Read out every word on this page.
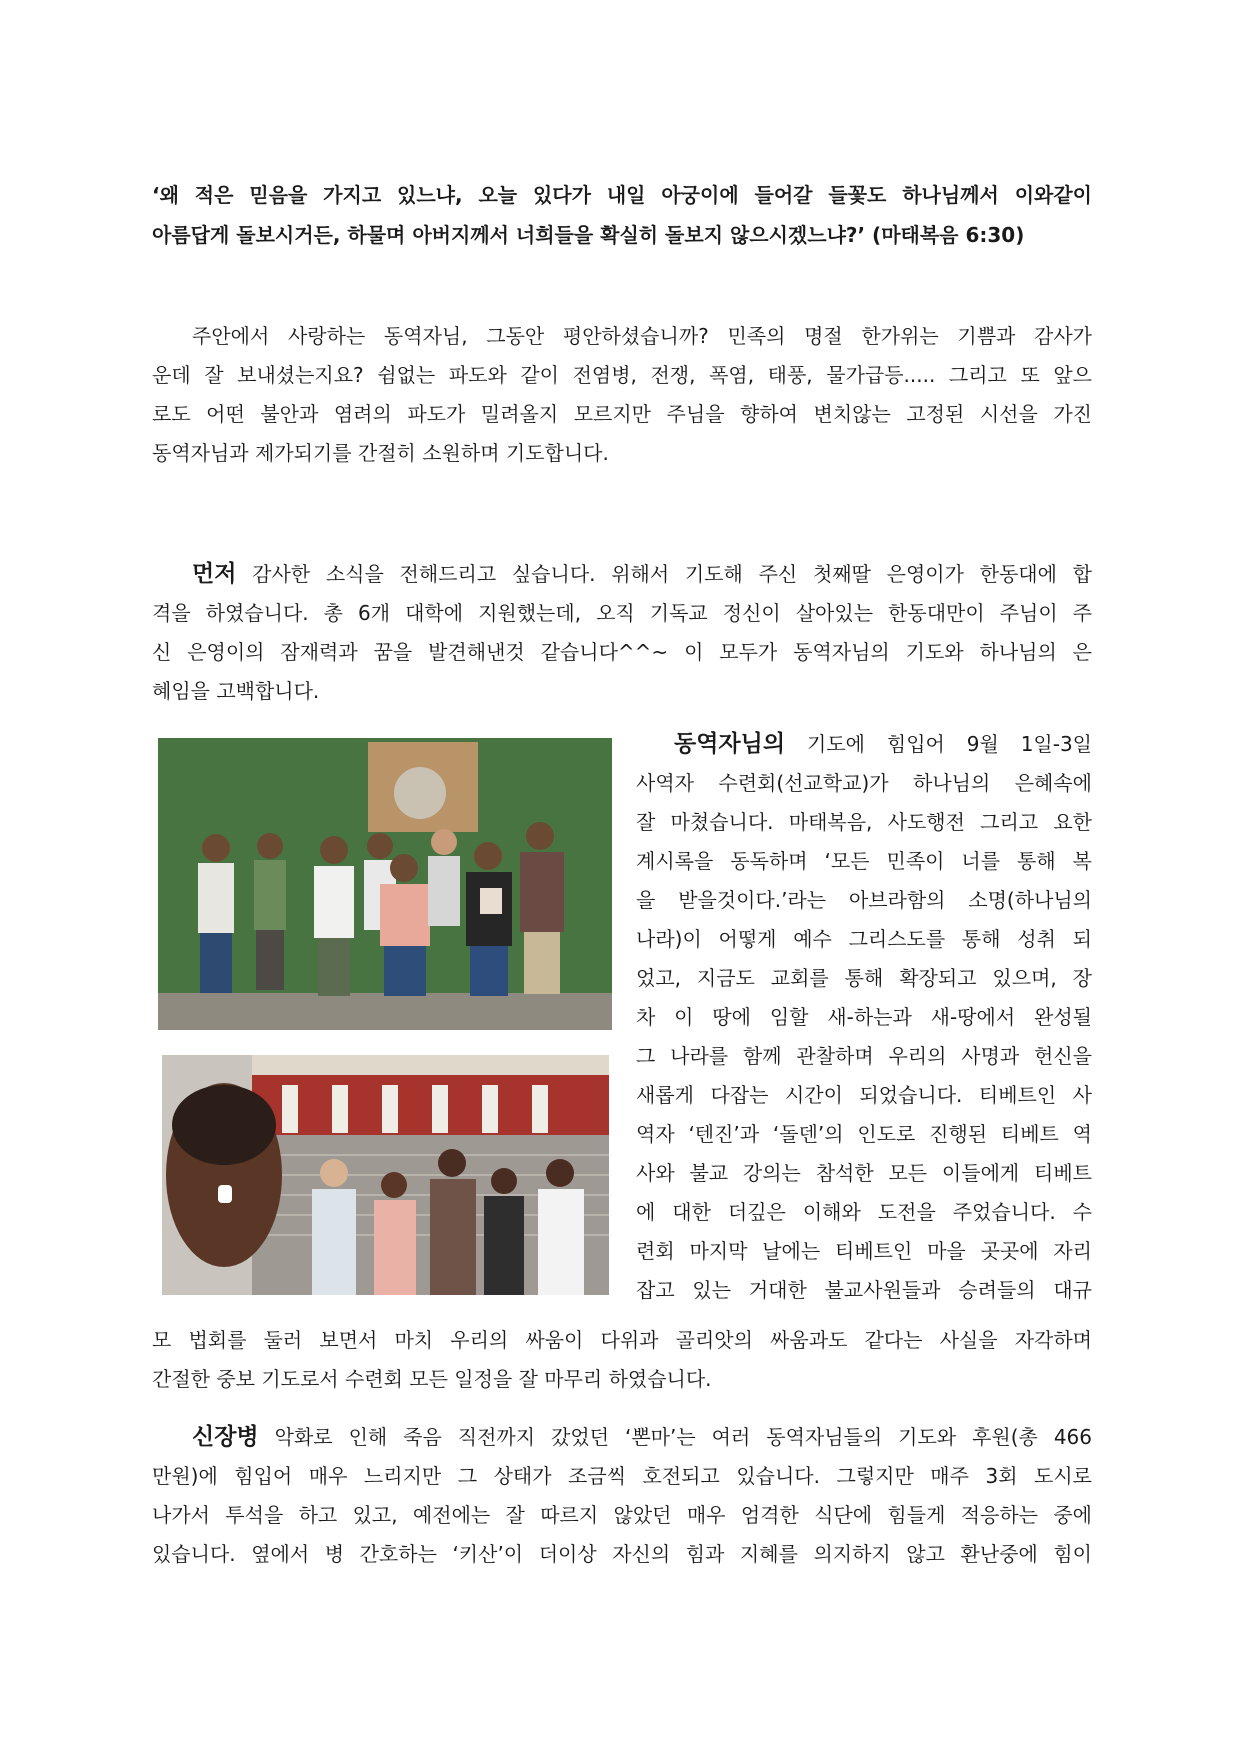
‘왜 적은 믿음을 가지고 있느냐, 오늘 있다가 내일 아궁이에 들어갈 들꽃도 하나님께서 이와같이
아름답게 돌보시거든, 하물며 아버지께서 너희들을 확실히 돌보지 않으시겠느냐?’ (마태복음 6:30)

주안에서 사랑하는 동역자님, 그동안 평안하셨습니까? 민족의 명절 한가위는 기쁨과 감사가
운데 잘 보내셨는지요? 쉼없는 파도와 같이 전염병, 전쟁, 폭염, 태풍, 물가급등..... 그리고 또 앞으
로도 어떤 불안과 염려의 파도가 밀려올지 모르지만 주님을 향하여 변치않는 고정된 시선을 가진
동역자님과 제가되기를 간절히 소원하며 기도합니다.
먼저 감사한 소식을 전해드리고 싶습니다. 위해서 기도해 주신 첫째딸 은영이가 한동대에 합
격을 하였습니다. 총 6개 대학에 지원했는데, 오직 기독교 정신이 살아있는 한동대만이 주님이 주
신 은영이의 잠재력과 꿈을 발견해낸것 같습니다^^~ 이 모두가 동역자님의 기도와 하나님의 은
혜임을 고백합니다.
동역자님의 기도에 힘입어 9월 1일-3일
사역자 수련회(선교학교)가 하나님의 은혜속에
잘 마쳤습니다. 마태복음, 사도행전 그리고 요한
계시록을 동독하며 ‘모든 민족이 너를 통해 복
을 받을것이다.’라는 아브라함의 소명(하나님의
나라)이 어떻게 예수 그리스도를 통해 성취 되
었고, 지금도 교회를 통해 확장되고 있으며, 장
차 이 땅에 임할 새-하는과 새-땅에서 완성될
그 나라를 함께 관찰하며 우리의 사명과 헌신을
새롭게 다잡는 시간이 되었습니다. 티베트인 사
역자 ‘텐진’과 ‘돌덴’의 인도로 진행된 티베트 역
사와 불교 강의는 참석한 모든 이들에게 티베트
에 대한 더깊은 이해와 도전을 주었습니다. 수
련회 마지막 날에는 티베트인 마을 곳곳에 자리
잡고 있는 거대한 불교사원들과 승려들의 대규
모 법회를 둘러 보면서 마치 우리의 싸움이 다위과 골리앗의 싸움과도 같다는 사실을 자각하며
간절한 중보 기도로서 수련회 모든 일정을 잘 마무리 하였습니다.
신장병 악화로 인해 죽음 직전까지 갔었던 ‘뽄마’는 여러 동역자님들의 기도와 후원(총 466
만원)에 힘입어 매우 느리지만 그 상태가 조금씩 호전되고 있습니다. 그렇지만 매주 3회 도시로
나가서 투석을 하고 있고, 예전에는 잘 따르지 않았던 매우 엄격한 식단에 힘들게 적응하는 중에
있습니다. 옆에서 병 간호하는 ‘키산’이 더이상 자신의 힘과 지혜를 의지하지 않고 환난중에 힘이
